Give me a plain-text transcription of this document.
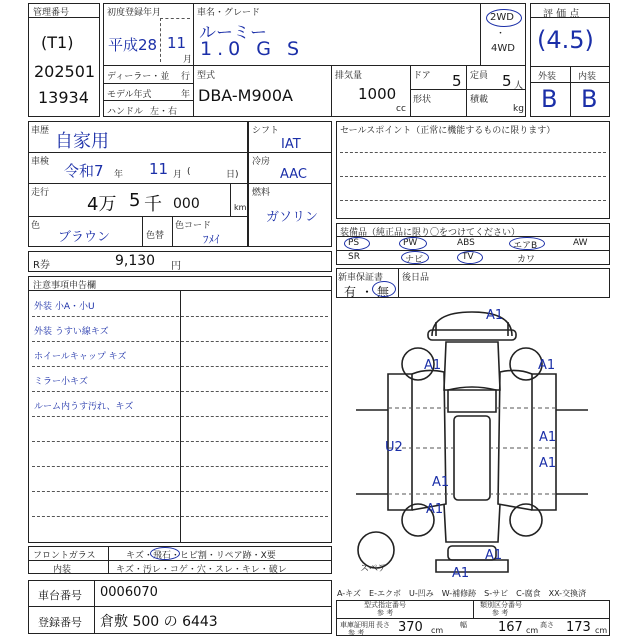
管理番号
(T1)
202501
13934
初度登録年月
平成28 11
月
ディーラー・並 行
モデル年式	年
ハンドル 左・右
車名・グレード
ルーミー
1.0 G S
2WD
・
4WD
型式
DBA-M900A
排気量
1000
cc
ドア 5 定員 5 人
形状	積載
kg
評 価 点
(4.5)
外装 内装
B B
車歴 自家用
車検 令和7 年 11 月 (	日)
走行
4万 5 千 000	km
色
ブラウン	色替
色コード
ﾌﾒｲ
シフト
IAT
冷房
AAC
燃料
ガソリン
セールスポイント（正常に機能するものに限ります）
装備品（純正品に限り〇をつけてください）
PS	PW	ABS	エアB	AW
SR	ナビ	TV	カワ
新車保証書
有 ・ 無
後日品
R券	9,130 円
注意事項申告欄
外装 小A・小U
外装 うすい線キズ
ホイールキャップ キズ
ミラー小キズ
ルーム内うす汚れ、キズ
フロントガラス	キズ・飛石・ヒビ割・リペア跡・X要
内装	キズ・汚レ・コゲ・穴・スレ・キレ・破レ
車台番号 0006070
登録番号 倉敷 500 の 6443
A1
A1
A1
U2
A1
A1
A1
A1
A1
A1
スペア
A-キズ　E-エクボ　U-凹み　W-補修跡　S-サビ　C-腐食　XX-交換済
型式指定番号
参 考
類別区分番号
参 考
車庫証明用
参 考
長さ 370 cm
幅 167 cm
高さ 173 cm
